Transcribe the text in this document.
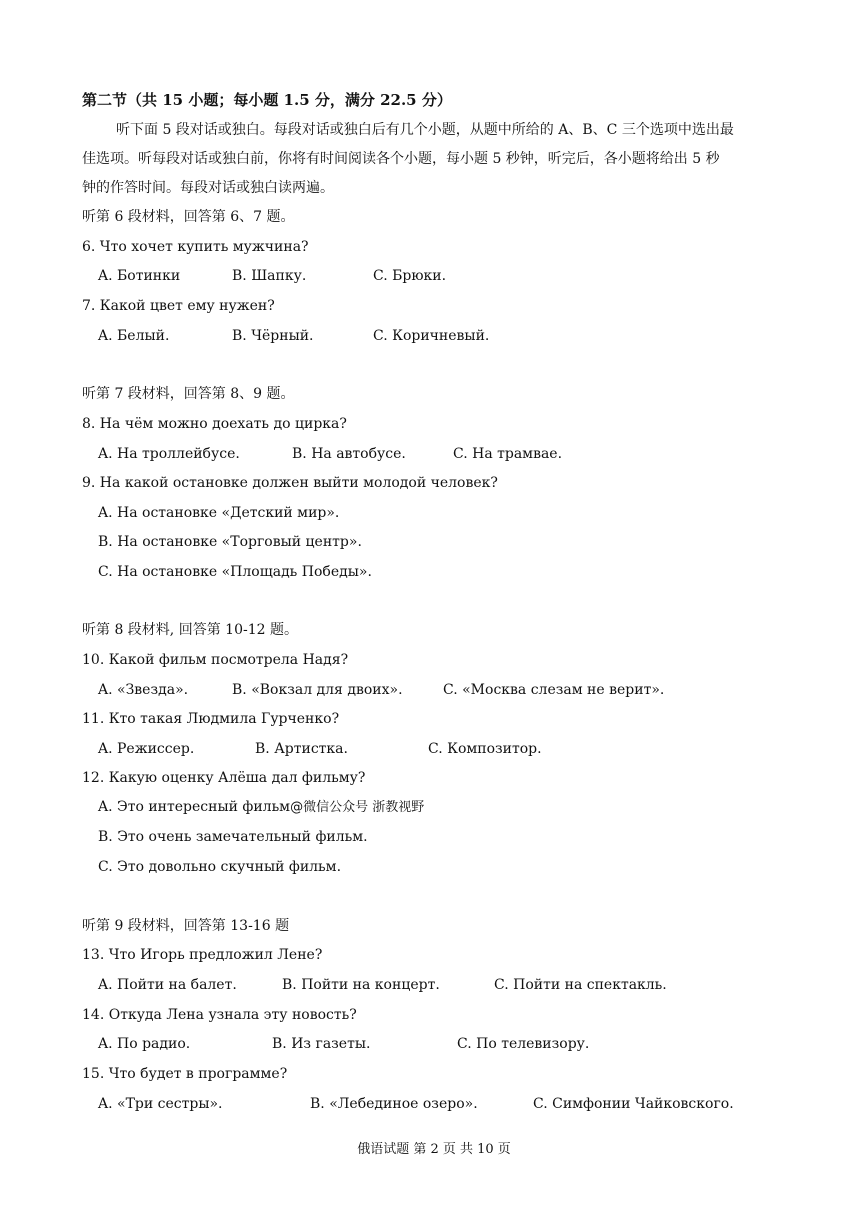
第二节（共 15 小题；每小题 1.5 分，满分 22.5 分）
听下面 5 段对话或独白。每段对话或独白后有几个小题，从题中所给的 A、B、C 三个选项中选出最
佳选项。听每段对话或独白前，你将有时间阅读各个小题，每小题 5 秒钟，听完后，各小题将给出 5 秒
钟的作答时间。每段对话或独白读两遍。
听第 6 段材料，回答第 6、7 题。
6. Что хочет купить мужчина?
A. Ботинки	B. Шапку.	C. Брюки.
7. Какой цвет ему нужен?
A. Белый.	B. Чёрный.	C. Коричневый.
听第 7 段材料，回答第 8、9 题。
8. На чём можно доехать до цирка?
A. На троллейбусе.	B. На автобусе.	C. На трамвае.
9. На какой остановке должен выйти молодой человек?
A. На остановке «Детский мир».
B. На остановке «Торговый центр».
C. На остановке «Площадь Победы».
听第 8 段材料, 回答第 10-12 题。
10. Какой фильм посмотрела Надя?
A. «Звезда».	B. «Вокзал для двоих».	C. «Москва слезам не верит».
11. Кто такая Людмила Гурченко?
A. Режиссер.	B. Артистка.	C. Композитор.
12. Какую оценку Алёша дал фильму?
A. Это интересный фильм@微信公众号 浙教视野
B. Это очень замечательный фильм.
C. Это довольно скучный фильм.
听第 9 段材料，回答第 13-16 题
13. Что Игорь предложил Лене?
A. Пойти на балет.	B. Пойти на концерт.	C. Пойти на спектакль.
14. Откуда Лена узнала эту новость?
A. По радио.	B. Из газеты.	C. По телевизору.
15. Что будет в программе?
A. «Три сестры».	B. «Лебединое озеро».	C. Симфонии Чайковского.
俄语试题 第 2 页 共 10 页
